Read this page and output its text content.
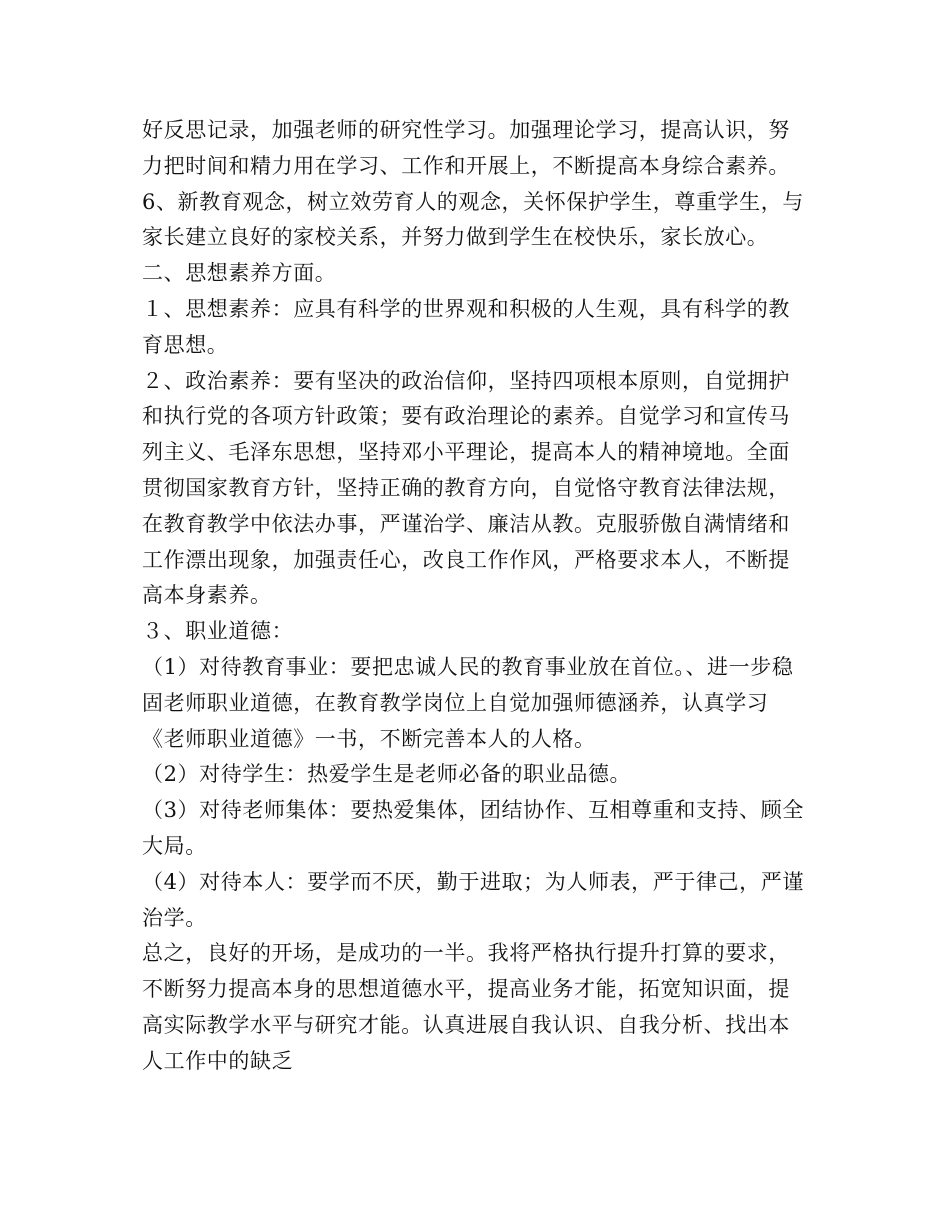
好反思记录，加强老师的研究性学习。加强理论学习，提高认识，努
力把时间和精力用在学习、工作和开展上，不断提高本身综合素养。
6、新教育观念，树立效劳育人的观念，关怀保护学生，尊重学生，与
家长建立良好的家校关系，并努力做到学生在校快乐，家长放心。
二、思想素养方面。
１、思想素养：应具有科学的世界观和积极的人生观，具有科学的教
育思想。
２、政治素养：要有坚决的政治信仰，坚持四项根本原则，自觉拥护
和执行党的各项方针政策；要有政治理论的素养。自觉学习和宣传马
列主义、毛泽东思想，坚持邓小平理论，提高本人的精神境地。全面
贯彻国家教育方针，坚持正确的教育方向，自觉恪守教育法律法规，
在教育教学中依法办事，严谨治学、廉洁从教。克服骄傲自满情绪和
工作漂出现象，加强责任心，改良工作作风，严格要求本人，不断提
高本身素养。
３、职业道德：
（1）对待教育事业：要把忠诚人民的教育事业放在首位。、进一步稳
固老师职业道德，在教育教学岗位上自觉加强师德涵养，认真学习
《老师职业道德》一书，不断完善本人的人格。
（2）对待学生：热爱学生是老师必备的职业品德。
（3）对待老师集体：要热爱集体，团结协作、互相尊重和支持、顾全
大局。
（4）对待本人：要学而不厌，勤于进取；为人师表，严于律己，严谨
治学。
总之，良好的开场，是成功的一半。我将严格执行提升打算的要求，
不断努力提高本身的思想道德水平，提高业务才能，拓宽知识面，提
高实际教学水平与研究才能。认真进展自我认识、自我分析、找出本
人工作中的缺乏
